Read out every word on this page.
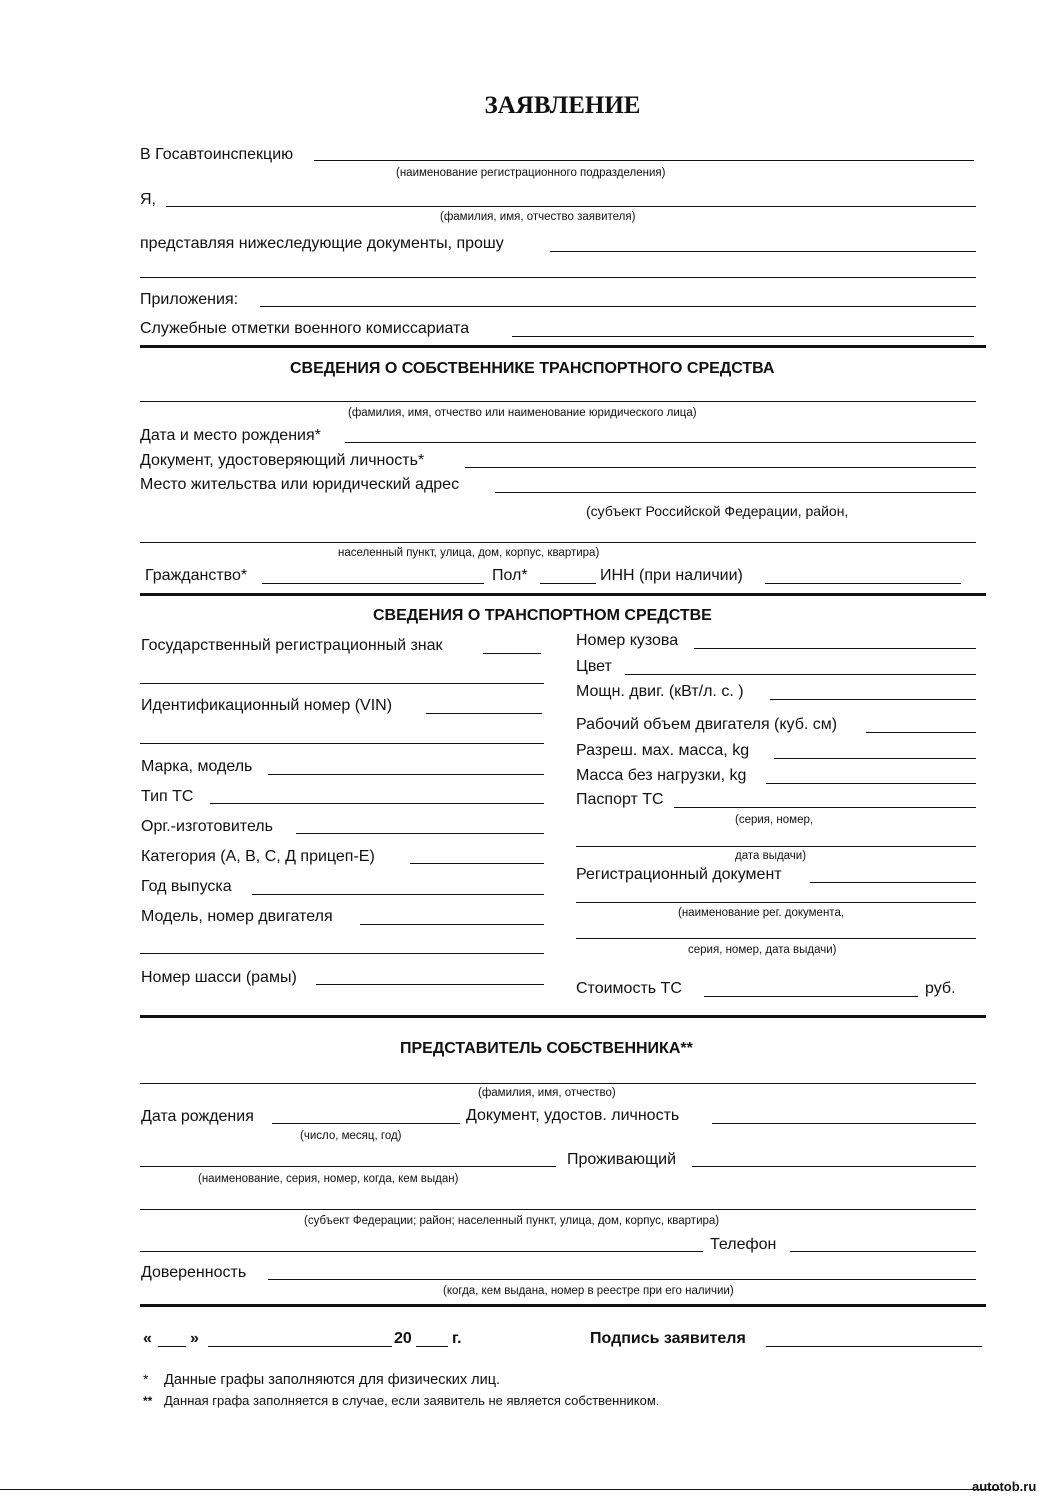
ЗАЯВЛЕНИЕ
В Госавтоинспекцию
(наименование регистрационного подразделения)
Я,
(фамилия, имя, отчество заявителя)
представляя нижеследующие документы, прошу
Приложения:
Служебные отметки военного комиссариата
СВЕДЕНИЯ О СОБСТВЕННИКЕ ТРАНСПОРТНОГО СРЕДСТВА
(фамилия, имя, отчество или наименование юридического лица)
Дата и место рождения*
Документ, удостоверяющий личность*
Место жительства или юридический адрес
(субъект Российской Федерации, район,
населенный пункт, улица, дом, корпус, квартира)
Гражданство*	Пол*	ИНН (при наличии)
СВЕДЕНИЯ О ТРАНСПОРТНОМ СРЕДСТВЕ
Государственный регистрационный знак
Идентификационный номер (VIN)
Марка, модель
Тип ТС
Орг.-изготовитель
Категория (А, В, С, Д прицеп-Е)
Год выпуска
Модель, номер двигателя
Номер шасси (рамы)
Номер кузова
Цвет
Мощн. двиг. (кВт/л. с. )
Рабочий объем двигателя (куб. см)
Разреш. мах. масса, kg
Масса без нагрузки, kg
Паспорт ТС
(серия, номер,
дата выдачи)
Регистрационный документ
(наименование рег. документа,
серия, номер, дата выдачи)
Стоимость ТС	руб.
ПРЕДСТАВИТЕЛЬ СОБСТВЕННИКА**
(фамилия, имя, отчество)
Дата рождения
(число, месяц, год)
Документ, удостов. личность
Проживающий
(наименование, серия, номер, когда, кем выдан)
(субъект Федерации; район; населенный пункт, улица, дом, корпус, квартира)
Телефон
Доверенность
(когда, кем выдана, номер в реестре при его наличии)
« »	20	г.	Подпись заявителя
* Данные графы заполняются для физических лиц.
** Данная графа заполняется в случае, если заявитель не является собственником.
autotob.ru
